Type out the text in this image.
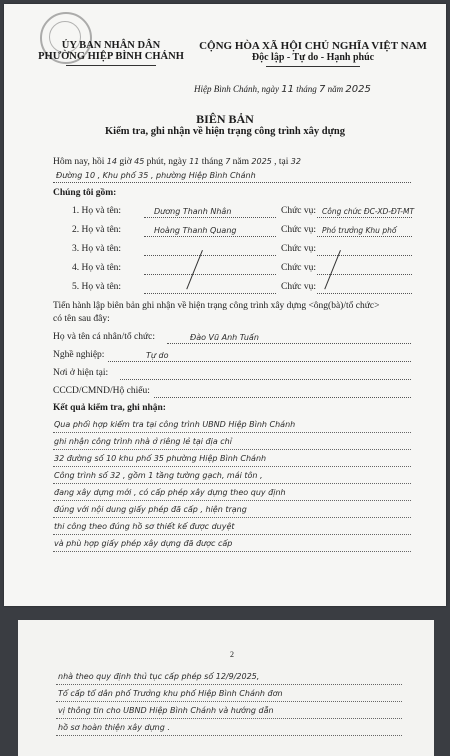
ỦY BAN NHÂN DÂN
PHƯỜNG HIỆP BÌNH CHÁNH
CỘNG HÒA XÃ HỘI CHỦ NGHĨA VIỆT NAM
Độc lập - Tự do - Hạnh phúc
Hiệp Bình Chánh, ngày 11 tháng 7 năm 2025
BIÊN BẢN
Kiểm tra, ghi nhận về hiện trạng công trình xây dựng
Hôm nay, hồi 14 giờ 45 phút, ngày 11 tháng 7 năm 2025 , tại 32
Đường 10 , Khu phố 35 , phường Hiệp Bình Chánh
Chúng tôi gồm:
1. Họ và tên:	Dương Thanh Nhân	Chức vụ: Công chức ĐC-XD-ĐT-MT
2. Họ và tên:	Hoàng Thanh Quang	Chức vụ: Phó trưởng Khu phố
3. Họ và tên:	Chức vụ:
4. Họ và tên:	Chức vụ:
5. Họ và tên:	Chức vụ:
Tiến hành lập biên bản ghi nhận về hiện trạng công trình xây dựng <ông(bà)/tổ chức>
có tên sau đây:
Họ và tên cá nhân/tổ chức:	Đào Vũ Anh Tuấn
Nghề nghiệp:	Tự do
Nơi ở hiện tại:
CCCD/CMND/Hộ chiếu:
Kết quả kiểm tra, ghi nhận:
Qua phối hợp kiểm tra tại công trình UBND Hiệp Bình Chánh
ghi nhận công trình nhà ở riêng lẻ tại địa chỉ
32 đường số 10 khu phố 35 phường Hiệp Bình Chánh
Công trình số 32 , gồm 1 tầng tường gạch, mái tôn ,
đang xây dựng mới , có cấp phép xây dựng theo quy định
đúng với nội dung giấy phép đã cấp , hiện trạng
thi công theo đúng hồ sơ thiết kế được duyệt
và phù hợp giấy phép xây dựng đã được cấp
2
nhà theo quy định thủ tục cấp phép số 12/9/2025,
Tổ cấp tổ dân phố Trưởng khu phố Hiệp Bình Chánh đơn
vị thông tin cho UBND Hiệp Bình Chánh và hướng dẫn
hồ sơ hoàn thiện xây dựng .
